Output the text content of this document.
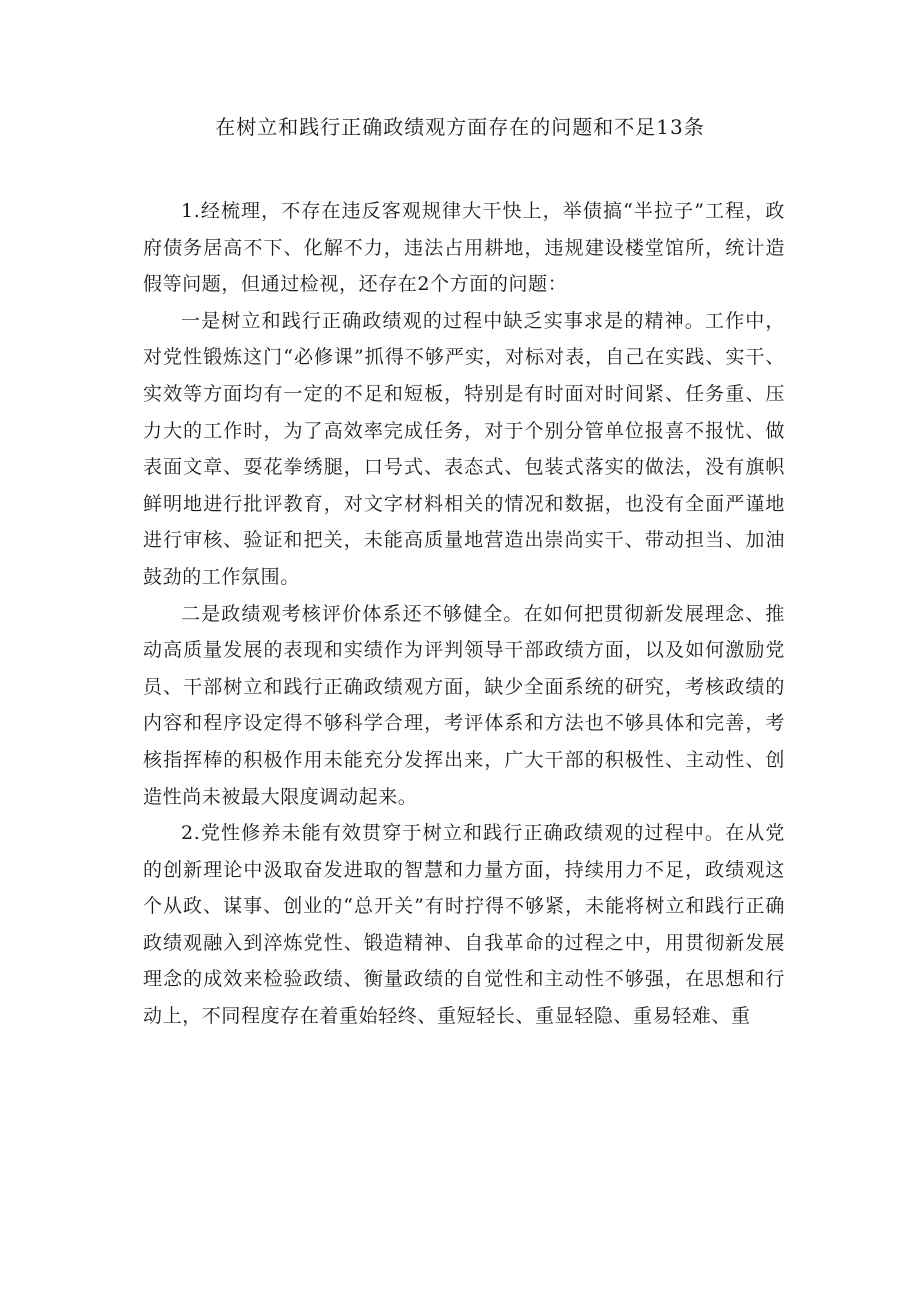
在树立和践行正确政绩观方面存在的问题和不足13条

1.经梳理，不存在违反客观规律大干快上，举债搞“半拉子”工程，政府债务居高不下、化解不力，违法占用耕地，违规建设楼堂馆所，统计造假等问题，但通过检视，还存在2个方面的问题：

一是树立和践行正确政绩观的过程中缺乏实事求是的精神。工作中，对党性锻炼这门“必修课”抓得不够严实，对标对表，自己在实践、实干、实效等方面均有一定的不足和短板，特别是有时面对时间紧、任务重、压力大的工作时，为了高效率完成任务，对于个别分管单位报喜不报忧、做表面文章、耍花拳绣腿，口号式、表态式、包装式落实的做法，没有旗帜鲜明地进行批评教育，对文字材料相关的情况和数据，也没有全面严谨地进行审核、验证和把关，未能高质量地营造出崇尚实干、带动担当、加油鼓劲的工作氛围。

二是政绩观考核评价体系还不够健全。在如何把贯彻新发展理念、推动高质量发展的表现和实绩作为评判领导干部政绩方面，以及如何激励党员、干部树立和践行正确政绩观方面，缺少全面系统的研究，考核政绩的内容和程序设定得不够科学合理，考评体系和方法也不够具体和完善，考核指挥棒的积极作用未能充分发挥出来，广大干部的积极性、主动性、创造性尚未被最大限度调动起来。

2.党性修养未能有效贯穿于树立和践行正确政绩观的过程中。在从党的创新理论中汲取奋发进取的智慧和力量方面，持续用力不足，政绩观这个从政、谋事、创业的“总开关”有时拧得不够紧，未能将树立和践行正确政绩观融入到淬炼党性、锻造精神、自我革命的过程之中，用贯彻新发展理念的成效来检验政绩、衡量政绩的自觉性和主动性不够强，在思想和行动上，不同程度存在着重始轻终、重短轻长、重显轻隐、重易轻难、重
